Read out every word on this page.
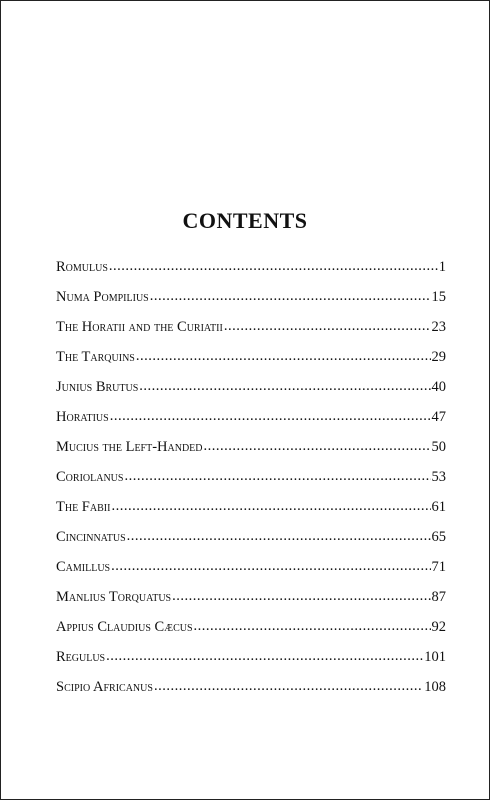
CONTENTS
Romulus .....	1
Numa Pompilius .....	15
The Horatii and the Curiatii .....	23
The Tarquins .....	29
Junius Brutus .....	40
Horatius .....	47
Mucius the Left-Handed .....	50
Coriolanus .....	53
The Fabii .....	61
Cincinnatus .....	65
Camillus .....	71
Manlius Torquatus .....	87
Appius Claudius Cæcus .....	92
Regulus .....	101
Scipio Africanus .....	108
